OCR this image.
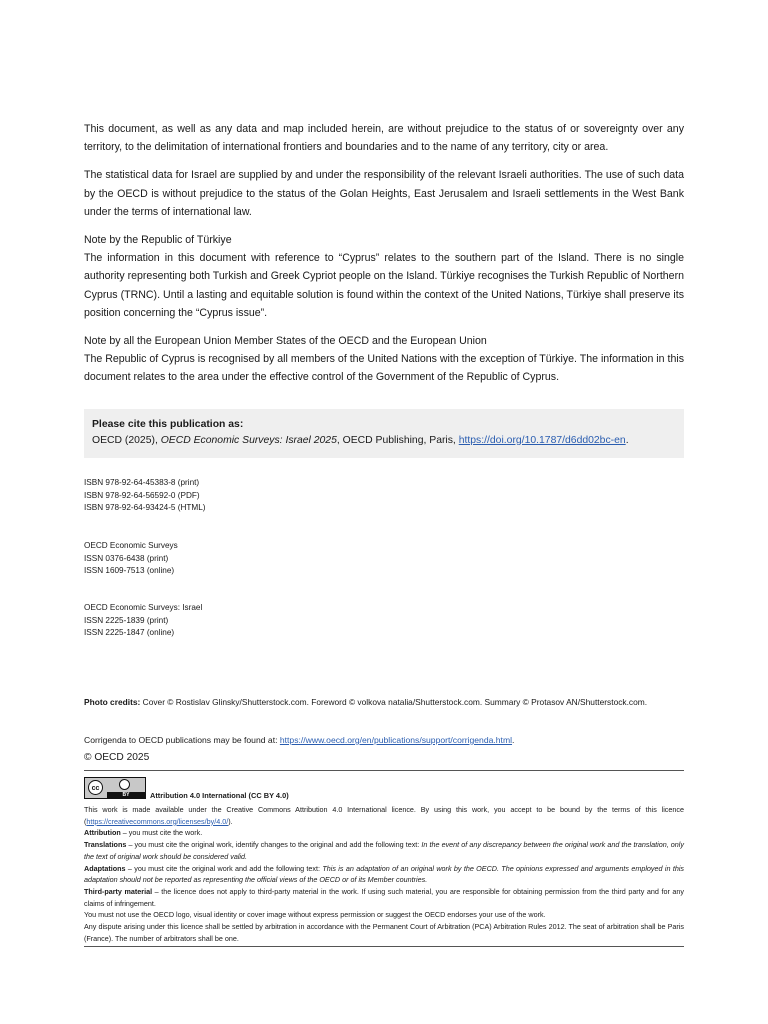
This document, as well as any data and map included herein, are without prejudice to the status of or sovereignty over any territory, to the delimitation of international frontiers and boundaries and to the name of any territory, city or area.

The statistical data for Israel are supplied by and under the responsibility of the relevant Israeli authorities. The use of such data by the OECD is without prejudice to the status of the Golan Heights, East Jerusalem and Israeli settlements in the West Bank under the terms of international law.

Note by the Republic of Türkiye

The information in this document with reference to “Cyprus” relates to the southern part of the Island. There is no single authority representing both Turkish and Greek Cypriot people on the Island. Türkiye recognises the Turkish Republic of Northern Cyprus (TRNC). Until a lasting and equitable solution is found within the context of the United Nations, Türkiye shall preserve its position concerning the “Cyprus issue”.

Note by all the European Union Member States of the OECD and the European Union

The Republic of Cyprus is recognised by all members of the United Nations with the exception of Türkiye. The information in this document relates to the area under the effective control of the Government of the Republic of Cyprus.

Please cite this publication as:
OECD (2025), OECD Economic Surveys: Israel 2025, OECD Publishing, Paris, https://doi.org/10.1787/d6dd02bc-en.
ISBN 978-92-64-45383-8 (print)
ISBN 978-92-64-56592-0 (PDF)
ISBN 978-92-64-93424-5 (HTML)
OECD Economic Surveys
ISSN 0376-6438 (print)
ISSN 1609-7513 (online)
OECD Economic Surveys: Israel
ISSN 2225-1839 (print)
ISSN 2225-1847 (online)
Photo credits: Cover © Rostislav Glinsky/Shutterstock.com. Foreword © volkova natalia/Shutterstock.com. Summary © Protasov AN/Shutterstock.com.
Corrigenda to OECD publications may be found at: https://www.oecd.org/en/publications/support/corrigenda.html.
© OECD 2025
cc
BY	Attribution 4.0 International (CC BY 4.0)

This work is made available under the Creative Commons Attribution 4.0 International licence. By using this work, you accept to be bound by the terms of this licence (https://creativecommons.org/licenses/by/4.0/).

Attribution – you must cite the work.

Translations – you must cite the original work, identify changes to the original and add the following text: In the event of any discrepancy between the original work and the translation, only the text of original work should be considered valid.

Adaptations – you must cite the original work and add the following text: This is an adaptation of an original work by the OECD. The opinions expressed and arguments employed in this adaptation should not be reported as representing the official views of the OECD or of its Member countries.

Third-party material – the licence does not apply to third-party material in the work. If using such material, you are responsible for obtaining permission from the third party and for any claims of infringement.

You must not use the OECD logo, visual identity or cover image without express permission or suggest the OECD endorses your use of the work.

Any dispute arising under this licence shall be settled by arbitration in accordance with the Permanent Court of Arbitration (PCA) Arbitration Rules 2012. The seat of arbitration shall be Paris (France). The number of arbitrators shall be one.
